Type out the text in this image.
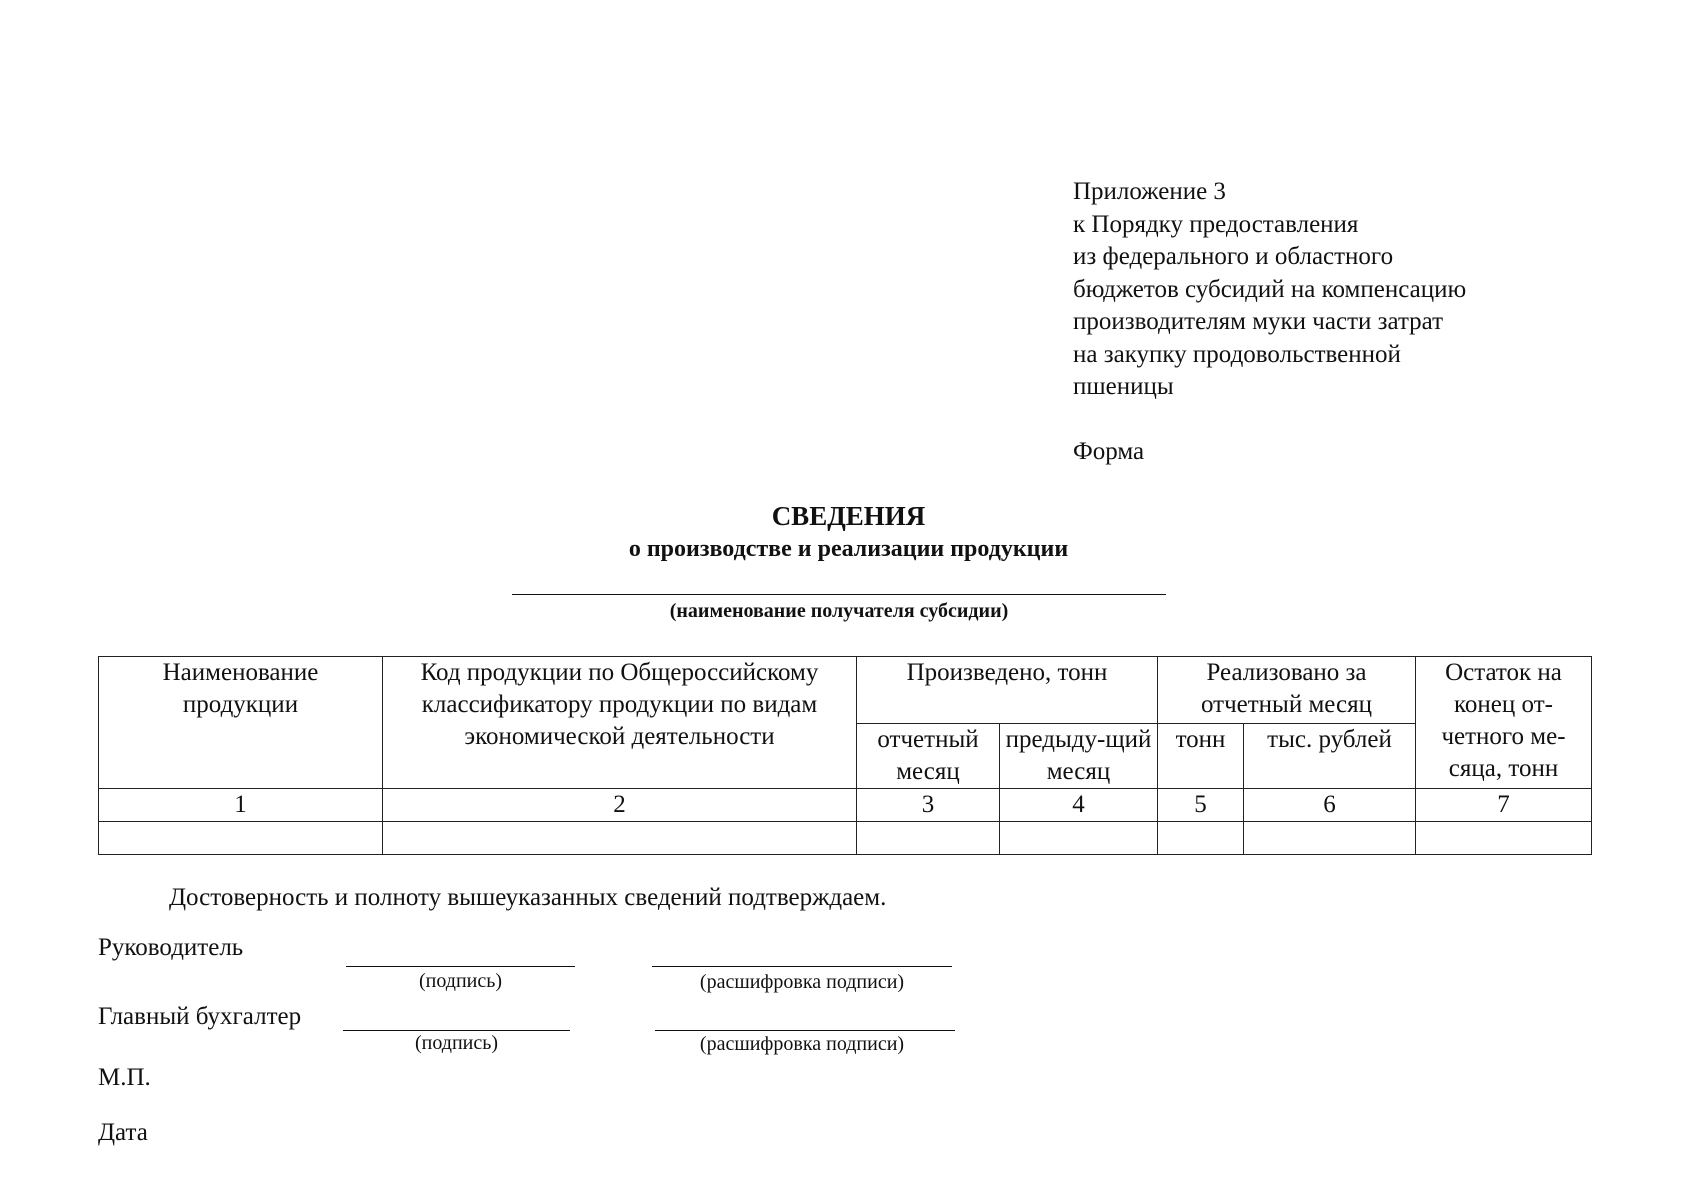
Приложение 3
к Порядку предоставления
из федерального и областного
бюджетов субсидий на компенсацию
производителям муки части затрат
на закупку продовольственной
пшеницы
Форма
СВЕДЕНИЯ
о производстве и реализации продукции
(наименование получателя субсидии)
Наименование продукции	Код продукции по Общероссийскому классификатору продукции по видам экономической деятельности	Произведено, тонн		Реализовано за отчетный месяц		Остаток на конец от-четного ме-сяца, тонн
		отчетный месяц	предыду-щий месяц	тонн	тыс. рублей	
1	2	3	4	5	6	7

Достоверность и полноту вышеуказанных сведений подтверждаем.
Руководитель
(подпись)	(расшифровка подписи)
Главный бухгалтер
(подпись)	(расшифровка подписи)
М.П.
Дата
